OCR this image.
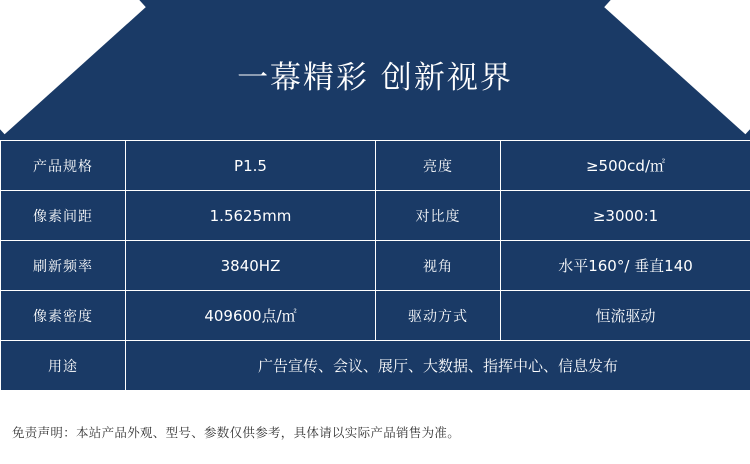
一幕精彩 创新视界
产品规格	P1.5	亮度	≥500cd/㎡
像素间距	1.5625mm	对比度	≥3000:1
刷新频率	3840HZ	视角	水平160°/ 垂直140
像素密度	409600点/㎡	驱动方式	恒流驱动
用途	广告宣传、会议、展厅、大数据、指挥中心、信息发布		
免责声明：本站产品外观、型号、参数仅供参考，具体请以实际产品销售为准。
